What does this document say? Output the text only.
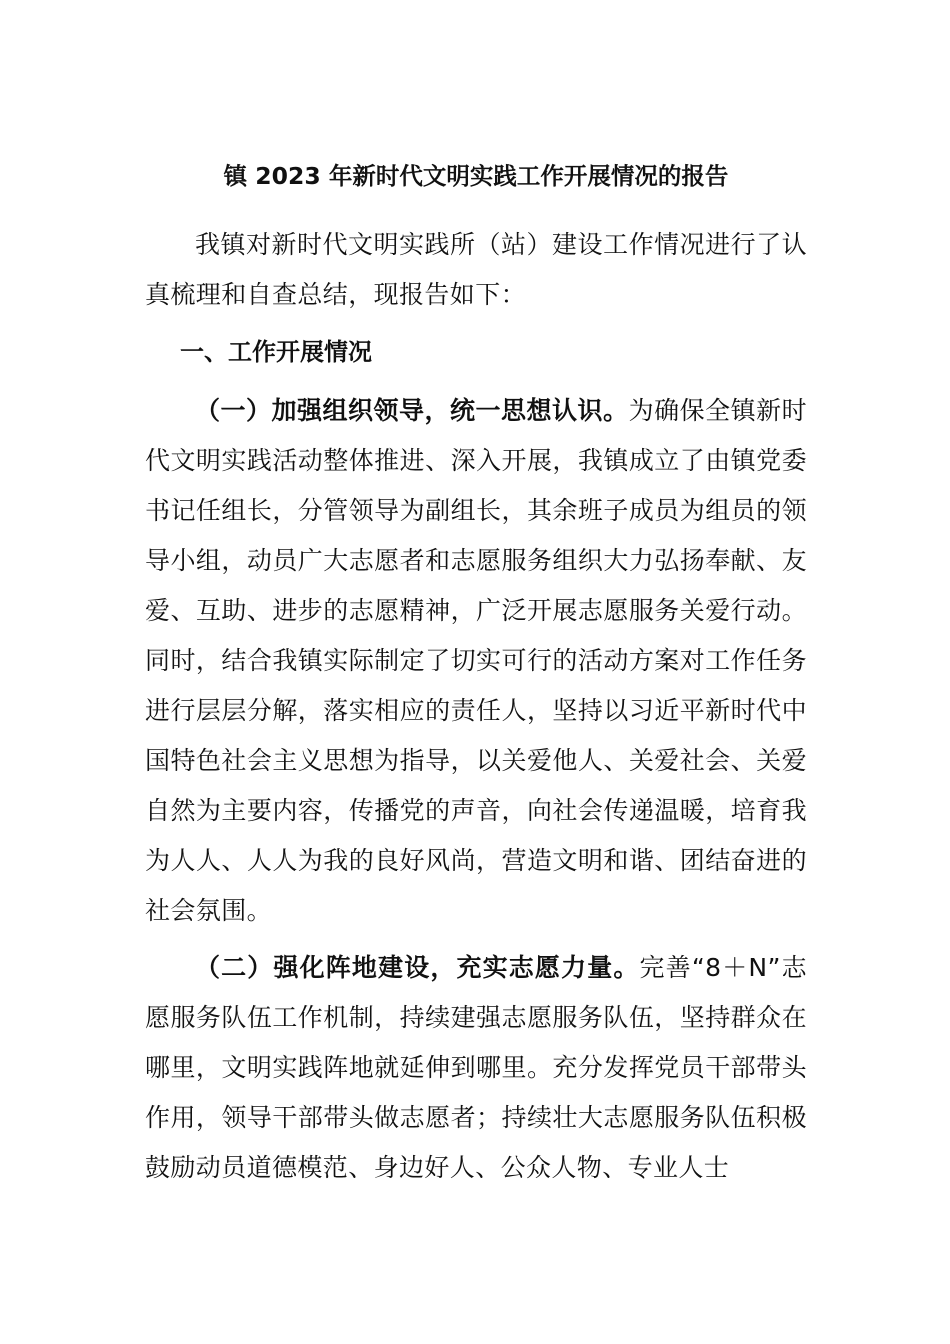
镇 2023 年新时代文明实践工作开展情况的报告

我镇对新时代文明实践所（站）建设工作情况进行了认真梳理和自查总结，现报告如下：

一、工作开展情况

（一）加强组织领导，统一思想认识。为确保全镇新时代文明实践活动整体推进、深入开展，我镇成立了由镇党委书记任组长，分管领导为副组长，其余班子成员为组员的领导小组，动员广大志愿者和志愿服务组织大力弘扬奉献、友爱、互助、进步的志愿精神，广泛开展志愿服务关爱行动。同时，结合我镇实际制定了切实可行的活动方案对工作任务进行层层分解，落实相应的责任人，坚持以习近平新时代中国特色社会主义思想为指导，以关爱他人、关爱社会、关爱自然为主要内容，传播党的声音，向社会传递温暖，培育我为人人、人人为我的良好风尚，营造文明和谐、团结奋进的社会氛围。

（二）强化阵地建设，充实志愿力量。完善“8＋N”志愿服务队伍工作机制，持续建强志愿服务队伍，坚持群众在哪里，文明实践阵地就延伸到哪里。充分发挥党员干部带头作用，领导干部带头做志愿者；持续壮大志愿服务队伍积极鼓励动员道德模范、身边好人、公众人物、专业人士
